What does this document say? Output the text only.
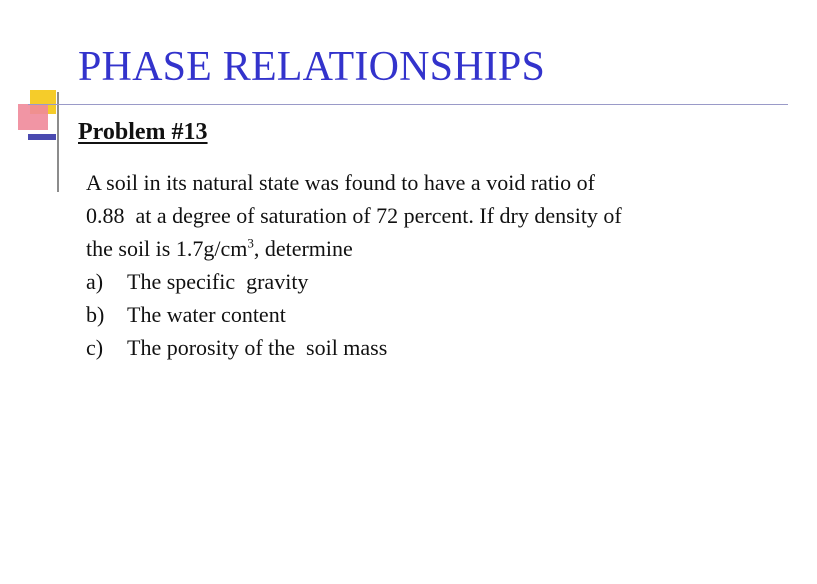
PHASE RELATIONSHIPS
Problem #13

A soil in its natural state was found to have a void ratio of
0.88  at a degree of saturation of 72 percent. If dry density of
the soil is $1.7g/cm^3$, determine

a)	The specific  gravity
b)	The water content
c)	The porosity of the  soil mass
